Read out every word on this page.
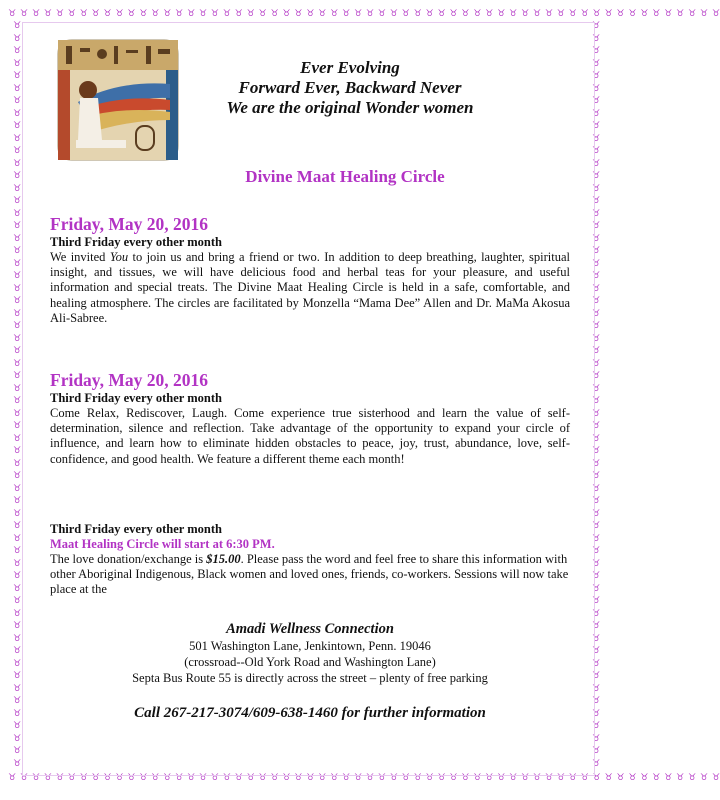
♉ ♉ ♉ ♉ ♉ ♉ ♉ ♉ ♉ ♉ ♉ ♉ ♉ ♉ ♉ ♉ ♉ ♉ ♉ ♉ ♉ ♉ ♉ ♉ ♉ ♉ ♉ ♉ ♉ ♉ ♉ ♉ ♉ ♉ ♉ ♉ ♉ ♉ ♉ ♉ ♉ ♉ ♉ ♉ ♉ ♉ ♉ ♉ ♉ ♉ ♉ ♉ ♉ ♉ ♉ ♉ ♉ ♉ ♉ ♉
♉ ♉ ♉ ♉ ♉ ♉ ♉ ♉ ♉ ♉ ♉ ♉ ♉ ♉ ♉ ♉ ♉ ♉ ♉ ♉ ♉ ♉ ♉ ♉ ♉ ♉ ♉ ♉ ♉ ♉ ♉ ♉ ♉ ♉ ♉ ♉ ♉ ♉ ♉ ♉ ♉ ♉ ♉ ♉ ♉ ♉ ♉ ♉ ♉ ♉ ♉ ♉ ♉ ♉ ♉ ♉ ♉ ♉ ♉ ♉
♉
♉
♉
♉
♉
♉
♉
♉
♉
♉
♉
♉
♉
♉
♉
♉
♉
♉
♉
♉
♉
♉
♉
♉
♉
♉
♉
♉
♉
♉
♉
♉
♉
♉
♉
♉
♉
♉
♉
♉
♉
♉
♉
♉
♉
♉
♉
♉
♉
♉
♉
♉
♉
♉
♉
♉
♉
♉
♉
♉
♉
♉
♉
♉
♉
♉
♉
♉
♉
♉
♉
♉
♉
♉
♉
♉
♉
♉
♉
♉
♉
♉
♉
♉
♉
♉
♉
♉
♉
♉
♉
♉
♉
♉
♉
♉
♉
♉
♉
♉
♉
♉
♉
♉
♉
♉
♉
♉
♉
♉
♉
♉
♉
♉
♉
♉
♉
♉
♉
♉
Ever Evolving
Forward Ever, Backward Never
We are the original Wonder women
Divine Maat Healing Circle
Friday, May 20, 2016
Third Friday every other month
We invited You to join us and bring a friend or two. In addition to deep breathing, laughter, spiritual insight, and tissues, we will have delicious food and herbal teas for your pleasure, and useful information and special treats. The Divine Maat Healing Circle is held in a safe, comfortable, and healing atmosphere. The circles are facilitated by Monzella “Mama Dee” Allen and Dr. MaMa Akosua Ali-Sabree.
Friday, May 20, 2016
Third Friday every other month
Come Relax, Rediscover, Laugh. Come experience true sisterhood and learn the value of self-determination, silence and reflection. Take advantage of the opportunity to expand your circle of influence, and learn how to eliminate hidden obstacles to peace, joy, trust, abundance, love, self-confidence, and good health. We feature a different theme each month!
Third Friday every other month
Maat Healing Circle will start at 6:30 PM.
The love donation/exchange is $15.00. Please pass the word and feel free to share this information with other Aboriginal Indigenous, Black women and loved ones, friends, co-workers. Sessions will now take place at the
Amadi Wellness Connection
501 Washington Lane, Jenkintown, Penn. 19046
(crossroad--Old York Road and Washington Lane)
Septa Bus Route 55 is directly across the street – plenty of free parking
Call 267-217-3074/609-638-1460 for further information
